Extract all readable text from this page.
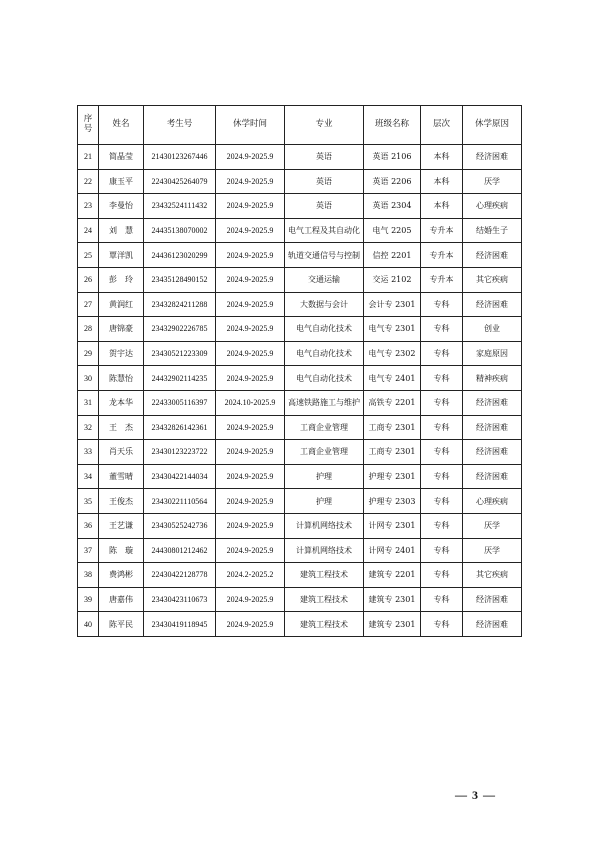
序
号	姓名	考生号	休学时间	专业	班级名称	层次	休学原因
21	简晶莹	21430123267446	2024.9-2025.9	英语	英语 2106	本科	经济困难
22	康玉平	22430425264079	2024.9-2025.9	英语	英语 2206	本科	厌学
23	李曼怡	23432524111432	2024.9-2025.9	英语	英语 2304	本科	心理疾病
24	刘　慧	24435138070002	2024.9-2025.9	电气工程及其自动化	电气 2205	专升本	结婚生子
25	覃洋凯	24436123020299	2024.9-2025.9	轨道交通信号与控制	信控 2201	专升本	经济困难
26	彭　玲	23435128490152	2024.9-2025.9	交通运输	交运 2102	专升本	其它疾病
27	黄润红	23432824211288	2024.9-2025.9	大数据与会计	会计专 2301	专科	经济困难
28	唐锦豪	23432902226785	2024.9-2025.9	电气自动化技术	电气专 2301	专科	创业
29	贺宇达	23430521223309	2024.9-2025.9	电气自动化技术	电气专 2302	专科	家庭原因
30	陈慧怡	24432902114235	2024.9-2025.9	电气自动化技术	电气专 2401	专科	精神疾病
31	龙本华	22433005116397	2024.10-2025.9	高速铁路施工与维护	高铁专 2201	专科	经济困难
32	王　杰	23432826142361	2024.9-2025.9	工商企业管理	工商专 2301	专科	经济困难
33	肖天乐	23430123223722	2024.9-2025.9	工商企业管理	工商专 2301	专科	经济困难
34	董雪晴	23430422144034	2024.9-2025.9	护理	护理专 2301	专科	经济困难
35	王俊杰	23430221110564	2024.9-2025.9	护理	护理专 2303	专科	心理疾病
36	王艺谦	23430525242736	2024.9-2025.9	计算机网络技术	计网专 2301	专科	厌学
37	陈　璇	24430801212462	2024.9-2025.9	计算机网络技术	计网专 2401	专科	厌学
38	费鸿彬	22430422128778	2024.2-2025.2	建筑工程技术	建筑专 2201	专科	其它疾病
39	唐嘉伟	23430423110673	2024.9-2025.9	建筑工程技术	建筑专 2301	专科	经济困难
40	陈平民	23430419118945	2024.9-2025.9	建筑工程技术	建筑专 2301	专科	经济困难
— 3 —
